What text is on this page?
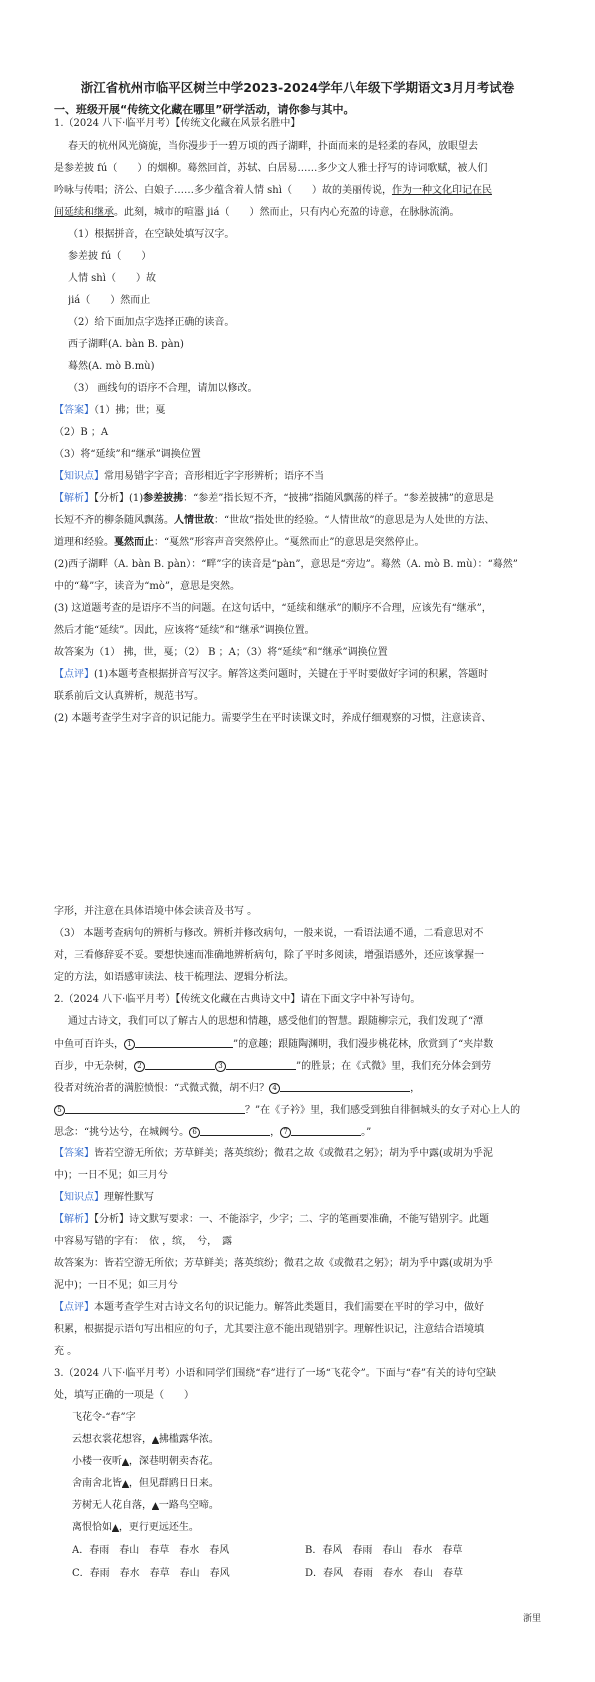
浙江省杭州市临平区树兰中学2023-2024学年八年级下学期语文3月月考试卷
一、班级开展“传统文化藏在哪里”研学活动，请你参与其中。
1.（2024 八下·临平月考）【传统文化藏在风景名胜中】
春天的杭州风光旖旎，当你漫步于一碧万顷的西子湖畔，扑面而来的是轻柔的春风，放眼望去
是参差披 fú（　　）的烟柳。蓦然回首，苏轼、白居易……多少文人雅士抒写的诗词歌赋，被人们
吟咏与传唱；济公、白娘子……多少蕴含着人情 shì（　　）故的美丽传说，作为一种文化印记在民
间延续和继承。此刻，城市的喧嚣 jiá（　　）然而止，只有内心充盈的诗意，在脉脉流淌。
（1）根据拼音，在空缺处填写汉字。
参差披 fú（　　）
人情 shì（　　）故
jiá（　　）然而止
（2）给下面加点字选择正确的读音。
西子湖畔(A. bàn B. pàn)
蓦然(A. mò B.mù)
（3） 画线句的语序不合理，请加以修改。
【答案】（1）拂；世；戛
（2）B ；A
（3）将“延续”和“继承”调换位置
【知识点】常用易错字字音；音形相近字字形辨析；语序不当
【解析】【分析】(1)参差披拂：“参差”指长短不齐，“披拂”指随风飘荡的样子。“参差披拂”的意思是
长短不齐的柳条随风飘荡。人情世故：“世故”指处世的经验。“人情世故”的意思是为人处世的方法、
道理和经验。戛然而止：“戛然”形容声音突然停止。“戛然而止”的意思是突然停止。
(2)西子湖畔（A. bàn B. pàn）：“畔”字的读音是“pàn”，意思是“旁边”。蓦然（A. mò B. mù）：“蓦然”
中的“蓦”字，读音为“mò”，意思是突然。
(3) 这道题考查的是语序不当的问题。在这句话中，“延续和继承”的顺序不合理，应该先有“继承”，
然后才能“延续”。因此，应该将“延续”和“继承”调换位置。
故答案为（1） 拂，世，戛；（2） B ；A；（3）将“延续”和“继承”调换位置
【点评】(1)本题考查根据拼音写汉字。解答这类问题时，关键在于平时要做好字词的积累，答题时
联系前后文认真辨析，规范书写。
(2) 本题考查学生对字音的识记能力。需要学生在平时读课文时，养成仔细观察的习惯，注意读音、
字形，并注意在具体语境中体会读音及书写 。
（3） 本题考查病句的辨析与修改。辨析并修改病句，一般来说，一看语法通不通，二看意思对不
对，三看修辞妥不妥。要想快速而准确地辨析病句，除了平时多阅读，增强语感外，还应该掌握一
定的方法，如语感审读法、枝干梳理法、逻辑分析法。
2.（2024 八下·临平月考）【传统文化藏在古典诗文中】请在下面文字中补写诗句。
通过古诗文，我们可以了解古人的思想和情趣，感受他们的智慧。跟随柳宗元，我们发现了“潭
中鱼可百许头， 1	”的意趣；跟随陶渊明，我们漫步桃花林，欣赏到了“夹岸数
百步，中无杂树， 2	3	”的胜景；在《式微》里，我们充分体会到劳
役者对统治者的满腔愤恨：“式微式微，胡不归？ 4	，
5	？”在《子衿》里，我们感受到独自徘徊城头的女子对心上人的
思念：“挑兮达兮，在城阙兮。 6	， 7	。”
【答案】皆若空游无所依；芳草鲜美；落英缤纷；微君之故《或微君之躬》；胡为乎中露(或胡为乎泥
中)；一日不见；如三月兮
【知识点】理解性默写
【解析】【分析】诗文默写要求：一、不能添字，少字；二、字的笔画要准确，不能写错别字。此题
中容易写错的字有：　依 ，缤，　兮，　露
故答案为：皆若空游无所依；芳草鲜美；落英缤纷；微君之故《或微君之躬》；胡为乎中露(或胡为乎
泥中)；一日不见；如三月兮
【点评】本题考查学生对古诗文名句的识记能力。解答此类题目，我们需要在平时的学习中，做好
积累，根据提示语句写出相应的句子，尤其要注意不能出现错别字。理解性识记，注意结合语境填
充 。
3.（2024 八下·临平月考）小语和同学们围绕“春”进行了一场“飞花令”。下面与“春”有关的诗句空缺
处，填写正确的一项是（　　）
飞花令-“春”字
云想衣裳花想容，▲拂槛露华浓。
小楼一夜听▲，深巷明朝卖杏花。
舍南舍北皆▲，但见群鸥日日来。
芳树无人花自落，▲一路鸟空啼。
离恨恰如▲，更行更远还生。
A．春雨　春山　春草　春水　春风	B．春风　春雨　春山　春水　春草
C．春雨　春水　春草　春山　春风	D．春风　春雨　春水　春山　春草
浙里
